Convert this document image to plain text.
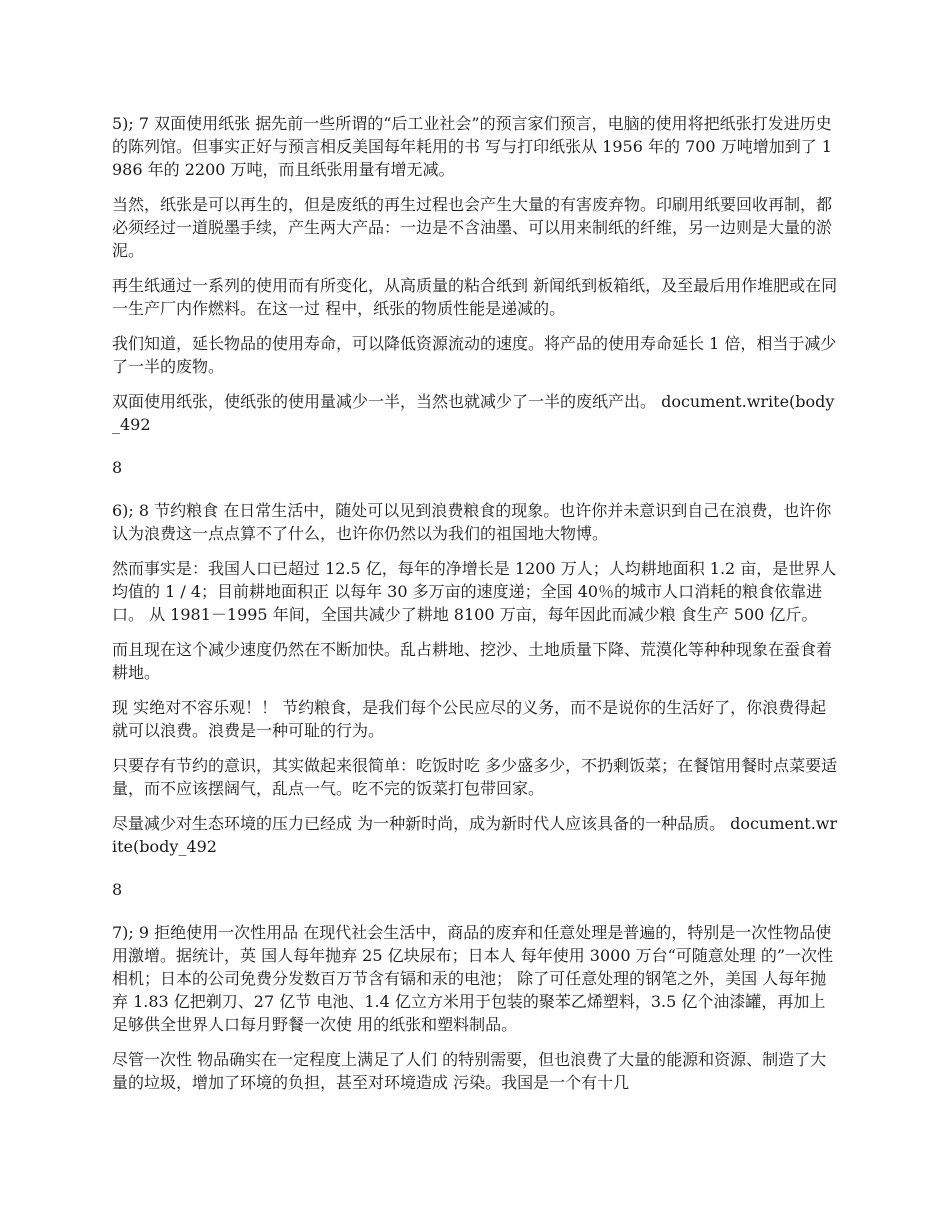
5); 7 双面使用纸张 据先前一些所谓的“后工业社会”的预言家们预言，电脑的使用将把纸张打发进历史的陈列馆。但事实正好与预言相反美国每年耗用的书 写与打印纸张从 1956 年的 700 万吨增加到了 1986 年的 2200 万吨，而且纸张用量有增无减。

当然，纸张是可以再生的，但是废纸的再生过程也会产生大量的有害废弃物。印刷用纸要回收再制，都必须经过一道脱墨手续，产生两大产品：一边是不含油墨、可以用来制纸的纤维，另一边则是大量的淤泥。

再生纸通过一系列的使用而有所变化，从高质量的粘合纸到 新闻纸到板箱纸，及至最后用作堆肥或在同一生产厂内作燃料。在这一过 程中，纸张的物质性能是递减的。

我们知道，延长物品的使用寿命，可以降低资源流动的速度。将产品的使用寿命延长 1 倍，相当于减少了一半的废物。

双面使用纸张，使纸张的使用量减少一半，当然也就减少了一半的废纸产出。 document.write(body_492

8

6); 8 节约粮食 在日常生活中，随处可以见到浪费粮食的现象。也许你并未意识到自己在浪费，也许你认为浪费这一点点算不了什么，也许你仍然以为我们的祖国地大物博。

然而事实是：我国人口已超过 12.5 亿，每年的净增长是 1200 万人；人均耕地面积 1.2 亩，是世界人均值的 1 / 4；目前耕地面积正 以每年 30 多万亩的速度递；全国 40％的城市人口消耗的粮食依靠进口。 从 1981－1995 年间，全国共减少了耕地 8100 万亩，每年因此而减少粮 食生产 500 亿斤。

而且现在这个减少速度仍然在不断加快。乱占耕地、挖沙、土地质量下降、荒漠化等种种现象在蚕食着耕地。

现 实绝对不容乐观！！ 节约粮食，是我们每个公民应尽的义务，而不是说你的生活好了，你浪费得起就可以浪费。浪费是一种可耻的行为。

只要存有节约的意识，其实做起来很简单：吃饭时吃 多少盛多少，不扔剩饭菜；在餐馆用餐时点菜要适量，而不应该摆阔气，乱点一气。吃不完的饭菜打包带回家。

尽量减少对生态环境的压力已经成 为一种新时尚，成为新时代人应该具备的一种品质。 document.write(body_492

8

7); 9 拒绝使用一次性用品 在现代社会生活中，商品的废弃和任意处理是普遍的，特别是一次性物品使用激增。据统计，英 国人每年抛弃 25 亿块尿布；日本人 每年使用 3000 万台“可随意处理 的”一次性相机；日本的公司免费分发数百万节含有镉和汞的电池； 除了可任意处理的钢笔之外，美国 人每年抛弃 1.83 亿把剃刀、27 亿节 电池、1.4 亿立方米用于包装的聚苯乙烯塑料，3.5 亿个油漆罐，再加上 足够供全世界人口每月野餐一次使 用的纸张和塑料制品。

尽管一次性 物品确实在一定程度上满足了人们 的特别需要，但也浪费了大量的能源和资源、制造了大量的垃圾，增加了环境的负担，甚至对环境造成 污染。我国是一个有十几
